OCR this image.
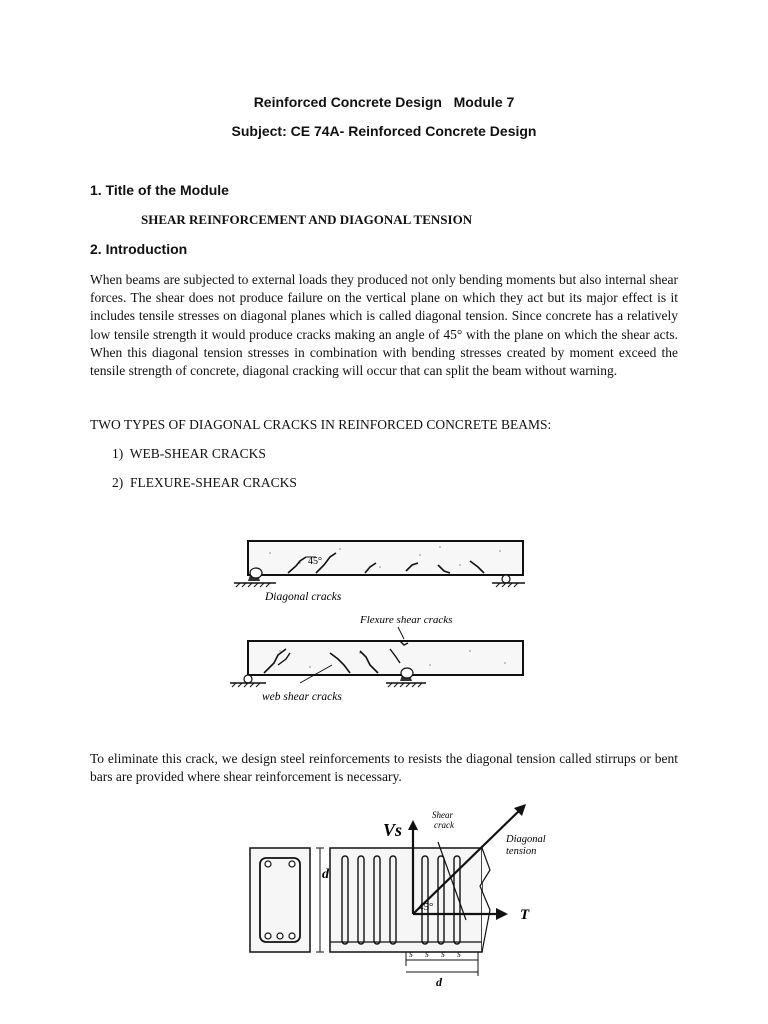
Reinforced Concrete Design   Module 7
Subject: CE 74A- Reinforced Concrete Design
1. Title of the Module
SHEAR REINFORCEMENT AND DIAGONAL TENSION
2. Introduction

When beams are subjected to external loads they produced not only bending moments but also internal shear forces. The shear does not produce failure on the vertical plane on which they act but its major effect is it includes tensile stresses on diagonal planes which is called diagonal tension. Since concrete has a relatively low tensile strength it would produce cracks making an angle of 45° with the plane on which the shear acts. When this diagonal tension stresses in combination with bending stresses created by moment exceed the tensile strength of concrete, diagonal cracking will occur that can split the beam without warning.

TWO TYPES OF DIAGONAL CRACKS IN REINFORCED CONCRETE BEAMS:

1)  WEB-SHEAR CRACKS
2)  FLEXURE-SHEAR CRACKS
45°
Diagonal cracks
Flexure shear cracks
web shear cracks

To eliminate this crack, we design steel reinforcements to resists the diagonal tension called stirrups or bent bars are provided where shear reinforcement is necessary.

d
Shear crack
Vs	Diagonal tension
T
45°
s s s s
d
